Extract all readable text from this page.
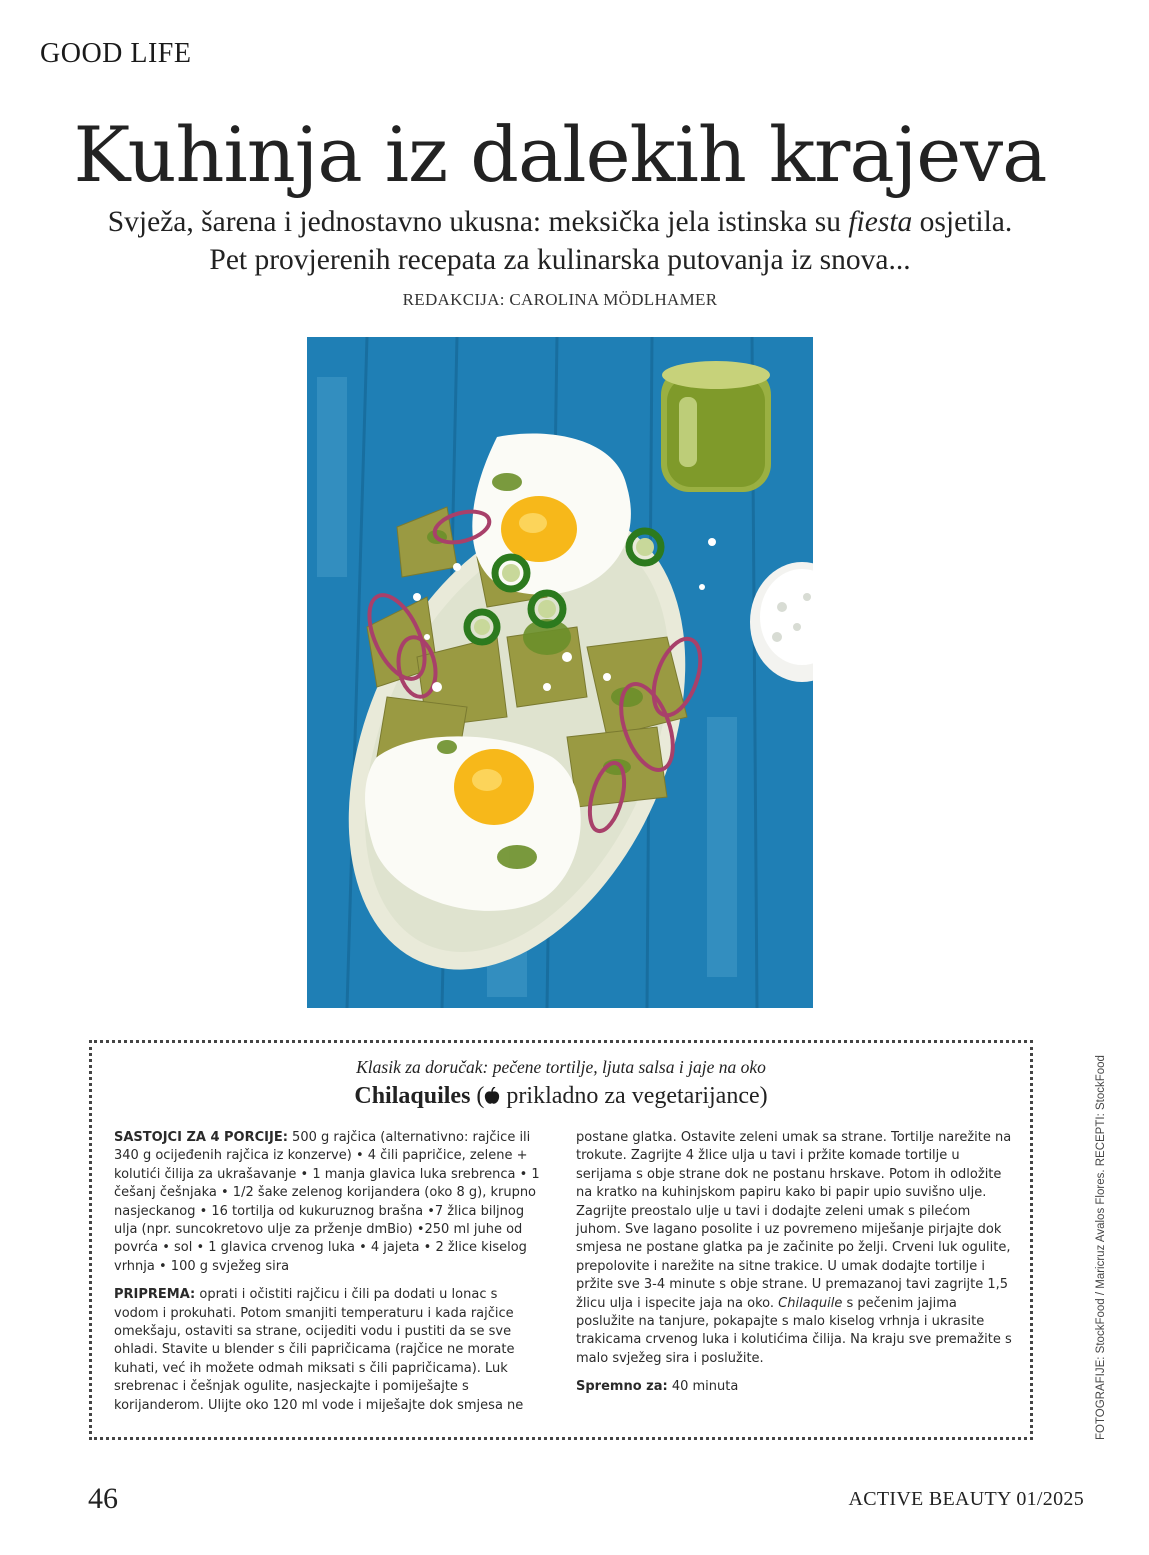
GOOD LIFE
Kuhinja iz dalekih krajeva
Svježa, šarena i jednostavno ukusna: meksička jela istinska su fiesta osjetila.
Pet provjerenih recepata za kulinarska putovanja iz snova...
REDAKCIJA: CAROLINA MÖDLHAMER
FOTOGRAFIJE: StockFood / Maricruz Avalos Flores. RECEPTI: StockFood
Klasik za doručak: pečene tortilje, ljuta salsa i jaje na oko
Chilaquiles ( prikladno za vegetarijance)

SASTOJCI ZA 4 PORCIJE: 500 g rajčica (alternativno: rajčice ili 340 g ocijeđenih rajčica iz konzerve) • 4 čili papričice, zelene + kolutići čilija za ukrašavanje • 1 manja glavica luka srebrenca • 1 češanj češnjaka • 1/2 šake zelenog korijandera (oko 8 g), krupno nasjeckanog • 16 tortilja od kukuruznog brašna •7 žlica biljnog ulja (npr. suncokretovo ulje za prženje dmBio) •250 ml juhe od povrća • sol • 1 glavica crvenog luka • 4 jajeta • 2 žlice kiselog vrhnja • 100 g svježeg sira

PRIPREMA: oprati i očistiti rajčicu i čili pa dodati u lonac s vodom i prokuhati. Potom smanjiti temperaturu i kada rajčice omekšaju, ostaviti sa strane, ocijediti vodu i pustiti da se sve ohladi. Stavite u blender s čili papričicama (rajčice ne morate kuhati, već ih možete odmah miksati s čili papričicama). Luk srebrenac i češnjak ogulite, nasjeckajte i pomiješajte s korijanderom. Ulijte oko 120 ml vode i miješajte dok smjesa ne

postane glatka. Ostavite zeleni umak sa strane. Tortilje narežite na trokute. Zagrijte 4 žlice ulja u tavi i pržite komade tortilje u serijama s obje strane dok ne postanu hrskave. Potom ih odložite na kratko na kuhinjskom papiru kako bi papir upio suvišno ulje. Zagrijte preostalo ulje u tavi i dodajte zeleni umak s pilećom juhom. Sve lagano posolite i uz povremeno miješanje pirjajte dok smjesa ne postane glatka pa je začinite po želji. Crveni luk ogulite, prepolovite i narežite na sitne trakice. U umak dodajte tortilje i pržite sve 3-4 minute s obje strane. U premazanoj tavi zagrijte 1,5 žlicu ulja i ispecite jaja na oko. Chilaquile s pečenim jajima poslužite na tanjure, pokapajte s malo kiselog vrhnja i ukrasite trakicama crvenog luka i kolutićima čilija. Na kraju sve premažite s malo svježeg sira i poslužite.

Spremno za: 40 minuta

46	ACTIVE BEAUTY 01/2025
